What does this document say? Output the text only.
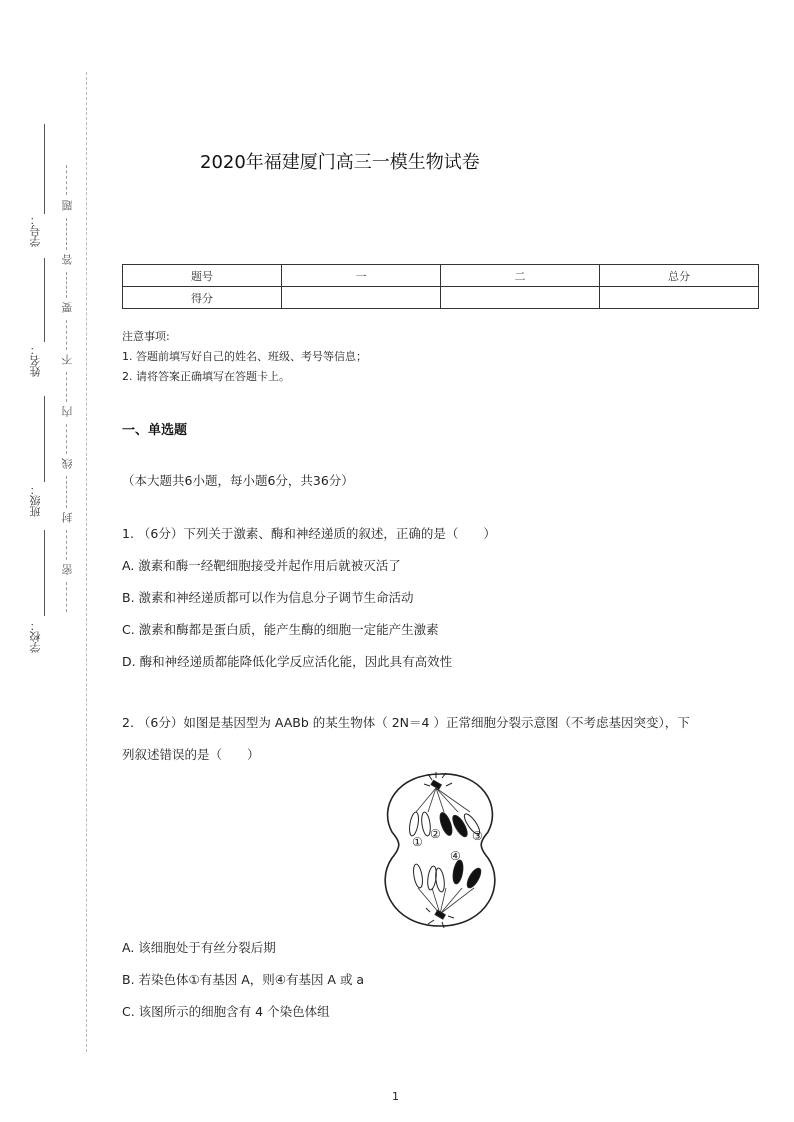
学号：
姓名：
班级：
学校：
题
答
要
不
内
线
封
密
2020年福建厦门高三一模生物试卷
题号	一	二	总分
得分			
注意事项:
1. 答题前填写好自己的姓名、班级、考号等信息；
2. 请将答案正确填写在答题卡上。
一、单选题
（本大题共6小题，每小题6分，共36分）
1. （6分）下列关于激素、酶和神经递质的叙述，正确的是（　　）
A. 激素和酶一经靶细胞接受并起作用后就被灭活了
B. 激素和神经递质都可以作为信息分子调节生命活动
C. 激素和酶都是蛋白质，能产生酶的细胞一定能产生激素
D. 酶和神经递质都能降低化学反应活化能，因此具有高效性
2. （6分）如图是基因型为 AABb 的某生物体（ 2N＝4 ）正常细胞分裂示意图（不考虑基因突变），下
列叙述错误的是（　　）
①
②	③
④
A. 该细胞处于有丝分裂后期
B. 若染色体①有基因 A，则④有基因 A 或 a
C. 该图所示的细胞含有 4 个染色体组
1
